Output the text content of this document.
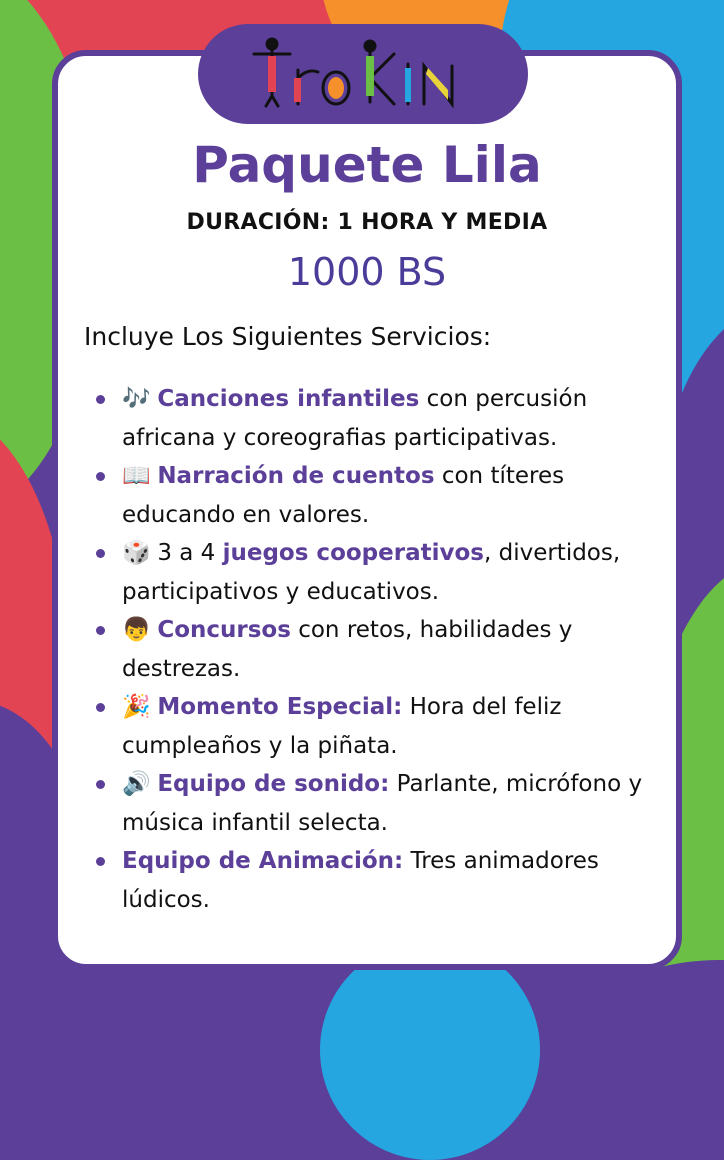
Paquete Lila
DURACIÓN: 1 HORA Y MEDIA
1000 BS
Incluye Los Siguientes Servicios:
🎶 Canciones infantiles con percusión africana y coreografias participativas.
📖 Narración de cuentos con títeres educando en valores.
🎲 3 a 4 juegos cooperativos, divertidos, participativos y educativos.
👦 Concursos con retos, habilidades y destrezas.
🎉 Momento Especial: Hora del feliz cumpleaños y la piñata.
🔊 Equipo de sonido: Parlante, micrófono y música infantil selecta.
Equipo de Animación: Tres animadores lúdicos.
